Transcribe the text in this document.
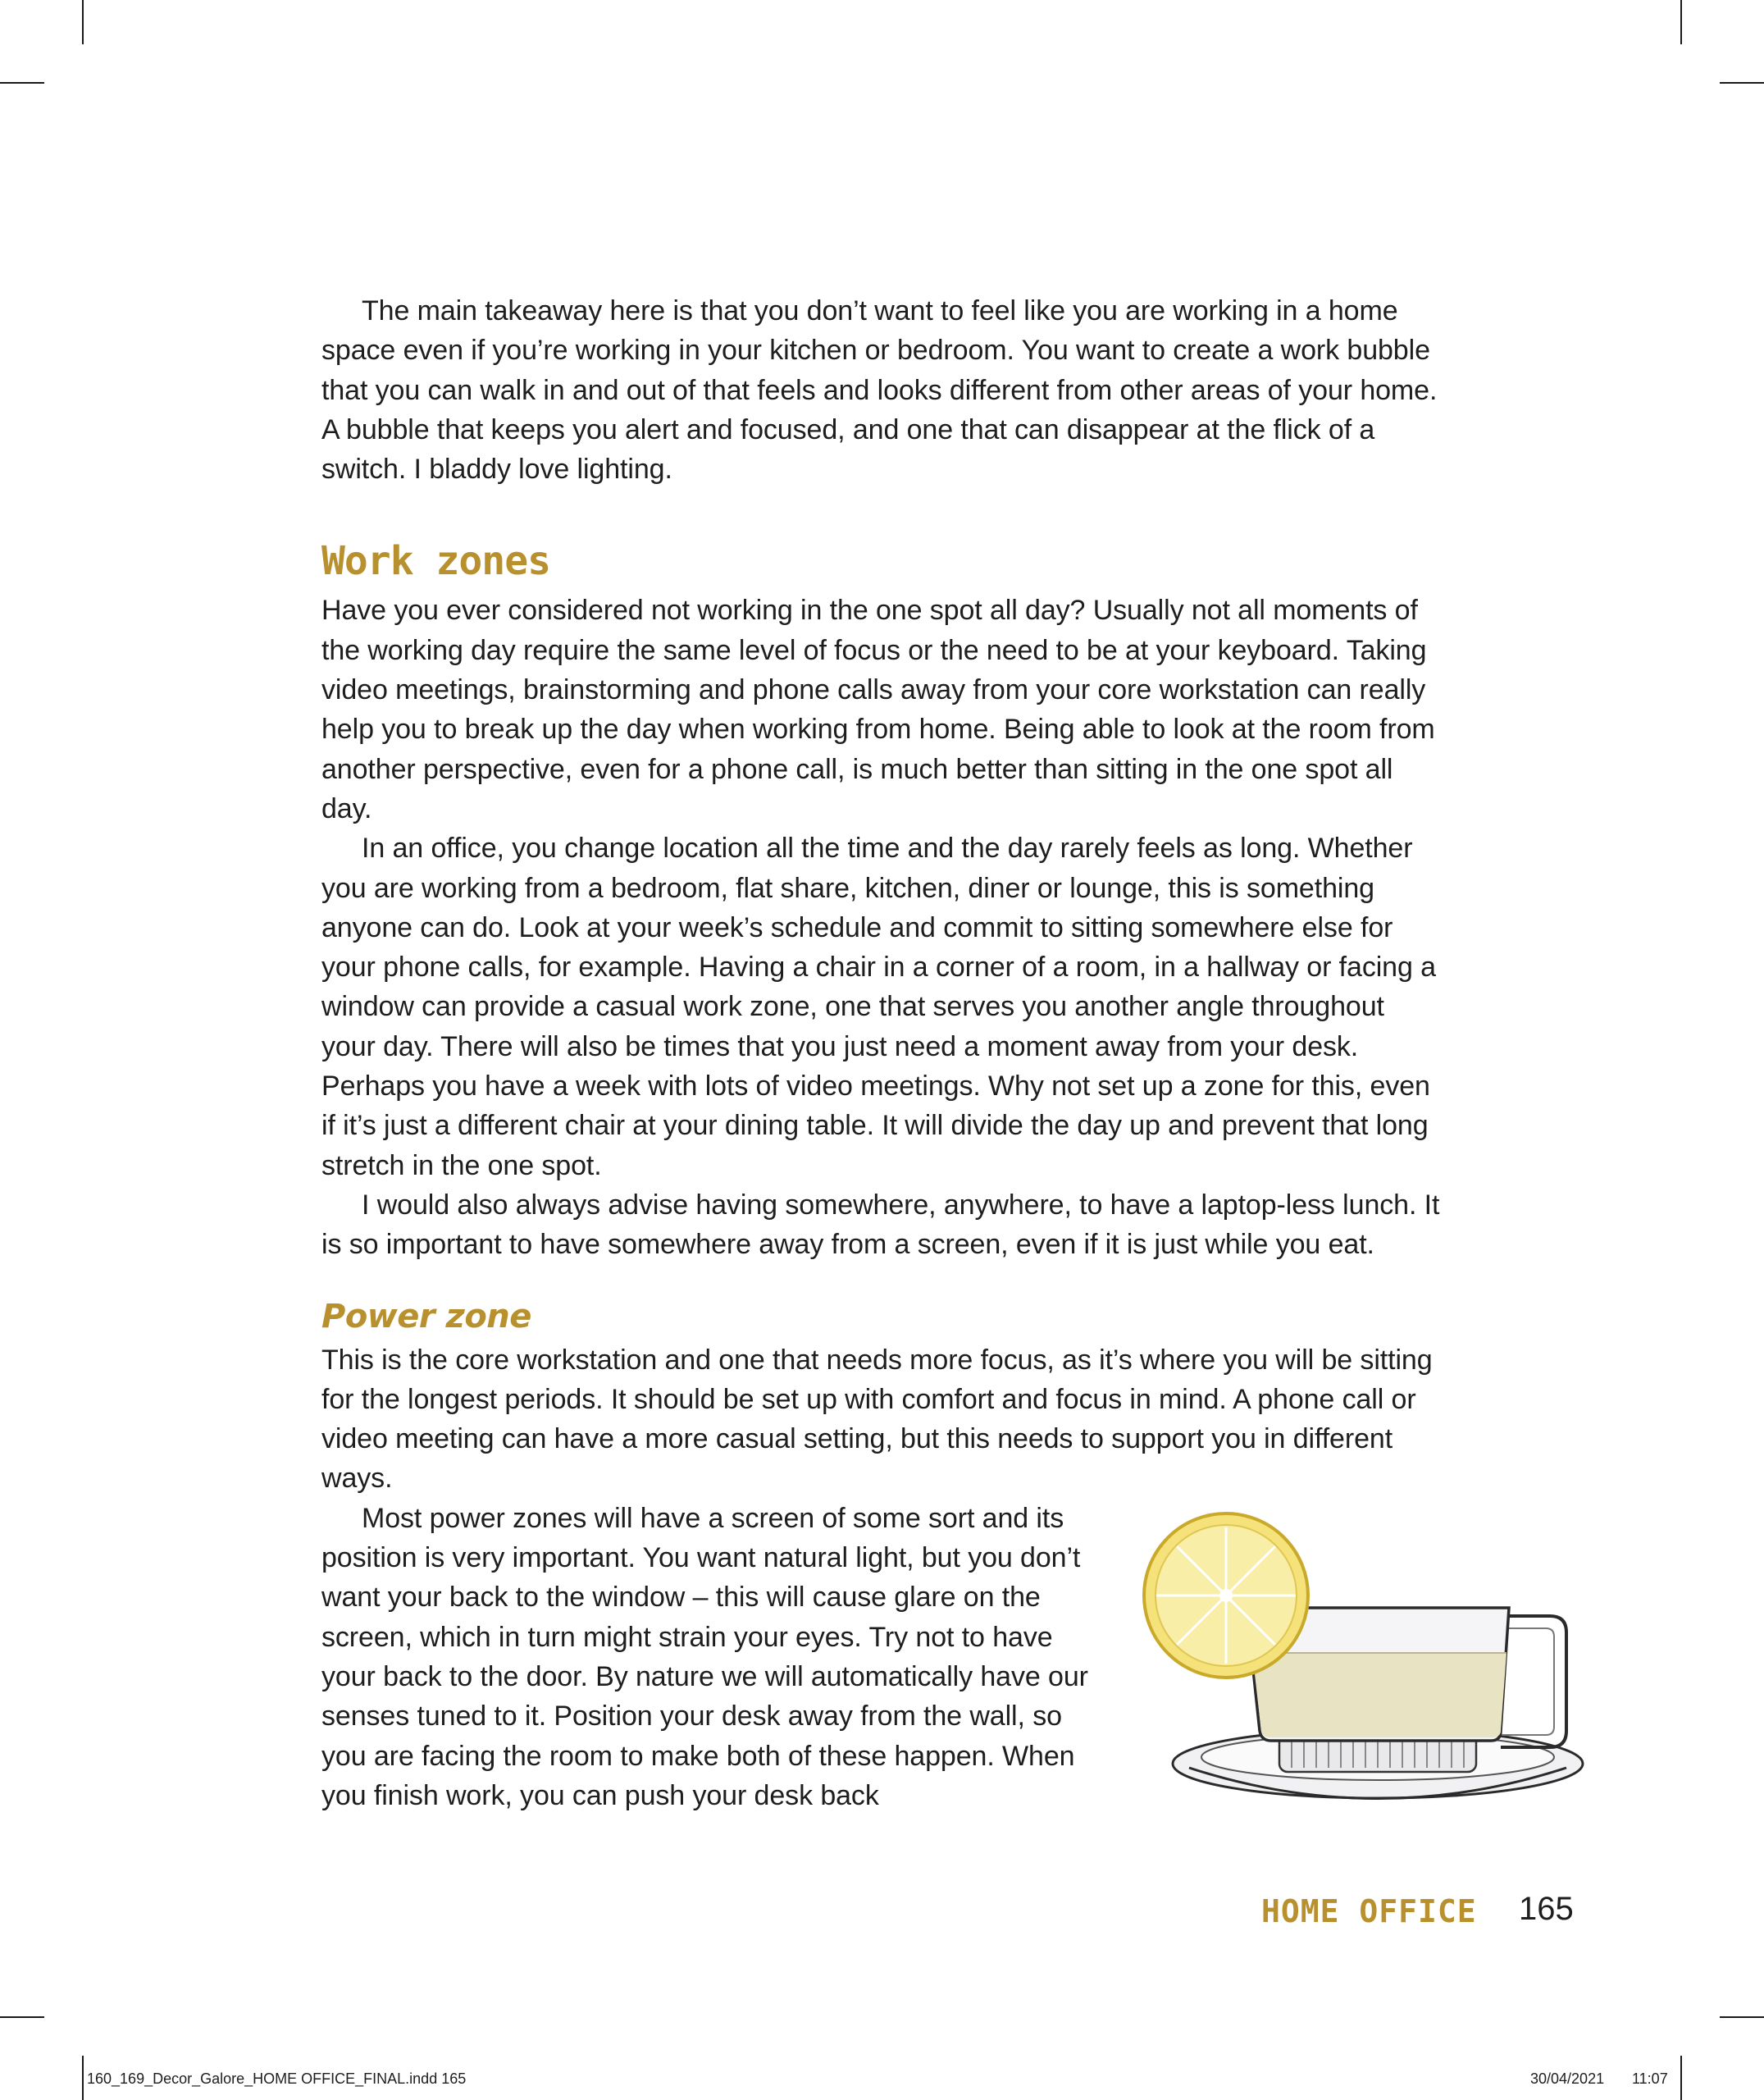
The main takeaway here is that you don’t want to feel like you are working in a home space even if you’re working in your kitchen or bedroom. You want to create a work bubble that you can walk in and out of that feels and looks different from other areas of your home. A bubble that keeps you alert and focused, and one that can disappear at the flick of a switch. I bladdy love lighting.

Work zones

Have you ever considered not working in the one spot all day? Usually not all moments of the working day require the same level of focus or the need to be at your keyboard. Taking video meetings, brainstorming and phone calls away from your core workstation can really help you to break up the day when working from home. Being able to look at the room from another perspective, even for a phone call, is much better than sitting in the one spot all day.

In an office, you change location all the time and the day rarely feels as long. Whether you are working from a bedroom, flat share, kitchen, diner or lounge, this is something anyone can do. Look at your week’s schedule and commit to sitting somewhere else for your phone calls, for example. Having a chair in a corner of a room, in a hallway or facing a window can provide a casual work zone, one that serves you another angle throughout your day. There will also be times that you just need a moment away from your desk. Perhaps you have a week with lots of video meetings. Why not set up a zone for this, even if it’s just a different chair at your dining table. It will divide the day up and prevent that long stretch in the one spot.

I would also always advise having somewhere, anywhere, to have a laptop-less lunch. It is so important to have somewhere away from a screen, even if it is just while you eat.

Power zone

This is the core workstation and one that needs more focus, as it’s where you will be sitting for the longest periods. It should be set up with comfort and focus in mind. A phone call or video meeting can have a more casual setting, but this needs to support you in different ways.

Most power zones will have a screen of some sort and its position is very important. You want natural light, but you don’t want your back to the window – this will cause glare on the screen, which in turn might strain your eyes. Try not to have your back to the door. By nature we will automatically have our senses tuned to it. Position your desk away from the wall, so you are facing the room to make both of these happen. When you finish work, you can push your desk back

HOME OFFICE 165
160_169_Decor_Galore_HOME OFFICE_FINAL.indd 165	30/04/2021 11:07
